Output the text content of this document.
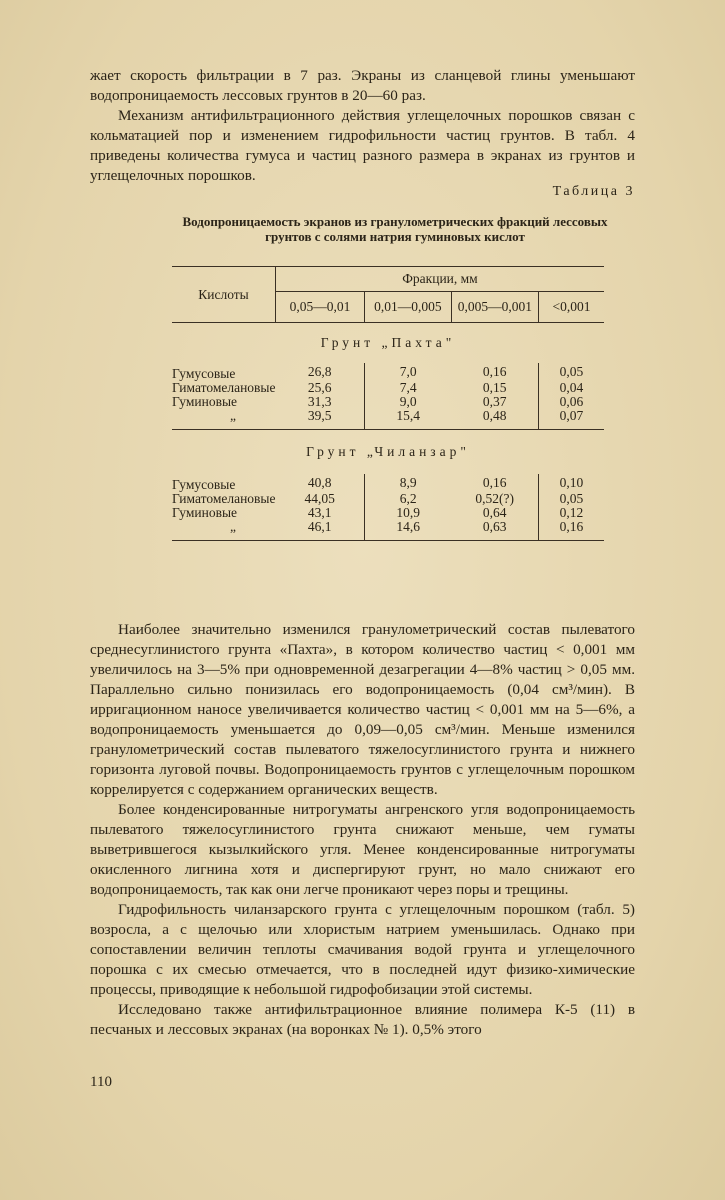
жает скорость фильтрации в 7 раз. Экраны из сланцевой глины уменьшают водопроницаемость лессовых грунтов в 20—60 раз.

Механизм антифильтрационного действия углещелочных порошков связан с кольматацией пор и изменением гидрофильности частиц грунтов. В табл. 4 приведены количества гумуса и частиц разного размера в экранах из грунтов и углещелочных порошков.

Таблица 3
Водопроницаемость экранов из гранулометрических фракций лессовых грунтов с солями натрия гуминовых кислот
Кислоты	Фракции, мм			
	0,05—0,01	0,01—0,005	0,005—0,001	<0,001
Грунт „Пахта"				
Гумусовые	26,8	7,0	0,16	0,05
Гиматомелановые	25,6	7,4	0,15	0,04
Гуминовые	31,3	9,0	0,37	0,06
„	39,5	15,4	0,48	0,07
Грунт „Чиланзар"				
Гумусовые	40,8	8,9	0,16	0,10
Гиматомелановые	44,05	6,2	0,52(?)	0,05
Гуминовые	43,1	10,9	0,64	0,12
„	46,1	14,6	0,63	0,16

Наиболее значительно изменился гранулометрический состав пылеватого среднесуглинистого грунта «Пахта», в котором количество частиц < 0,001 мм увеличилось на 3—5% при одновременной дезагрегации 4—8% частиц > 0,05 мм. Параллельно сильно понизилась его водопроницаемость (0,04 см³/мин). В ирригационном наносе увеличивается количество частиц < 0,001 мм на 5—6%, а водопроницаемость уменьшается до 0,09—0,05 см³/мин. Меньше изменился гранулометрический состав пылеватого тяжелосуглинистого грунта и нижнего горизонта луговой почвы. Водопроницаемость грунтов с углещелочным порошком коррелируется с содержанием органических веществ.

Более конденсированные нитрогуматы ангренского угля водопроницаемость пылеватого тяжелосуглинистого грунта снижают меньше, чем гуматы выветрившегося кызылкийского угля. Менее конденсированные нитрогуматы окисленного лигнина хотя и диспергируют грунт, но мало снижают его водопроницаемость, так как они легче проникают через поры и трещины.

Гидрофильность чиланзарского грунта с углещелочным порошком (табл. 5) возросла, а с щелочью или хлористым натрием уменьшилась. Однако при сопоставлении величин теплоты смачивания водой грунта и углещелочного порошка с их смесью отмечается, что в последней идут физико-химические процессы, приводящие к небольшой гидрофобизации этой системы.

Исследовано также антифильтрационное влияние полимера К-5 (11) в песчаных и лессовых экранах (на воронках № 1). 0,5% этого

110
